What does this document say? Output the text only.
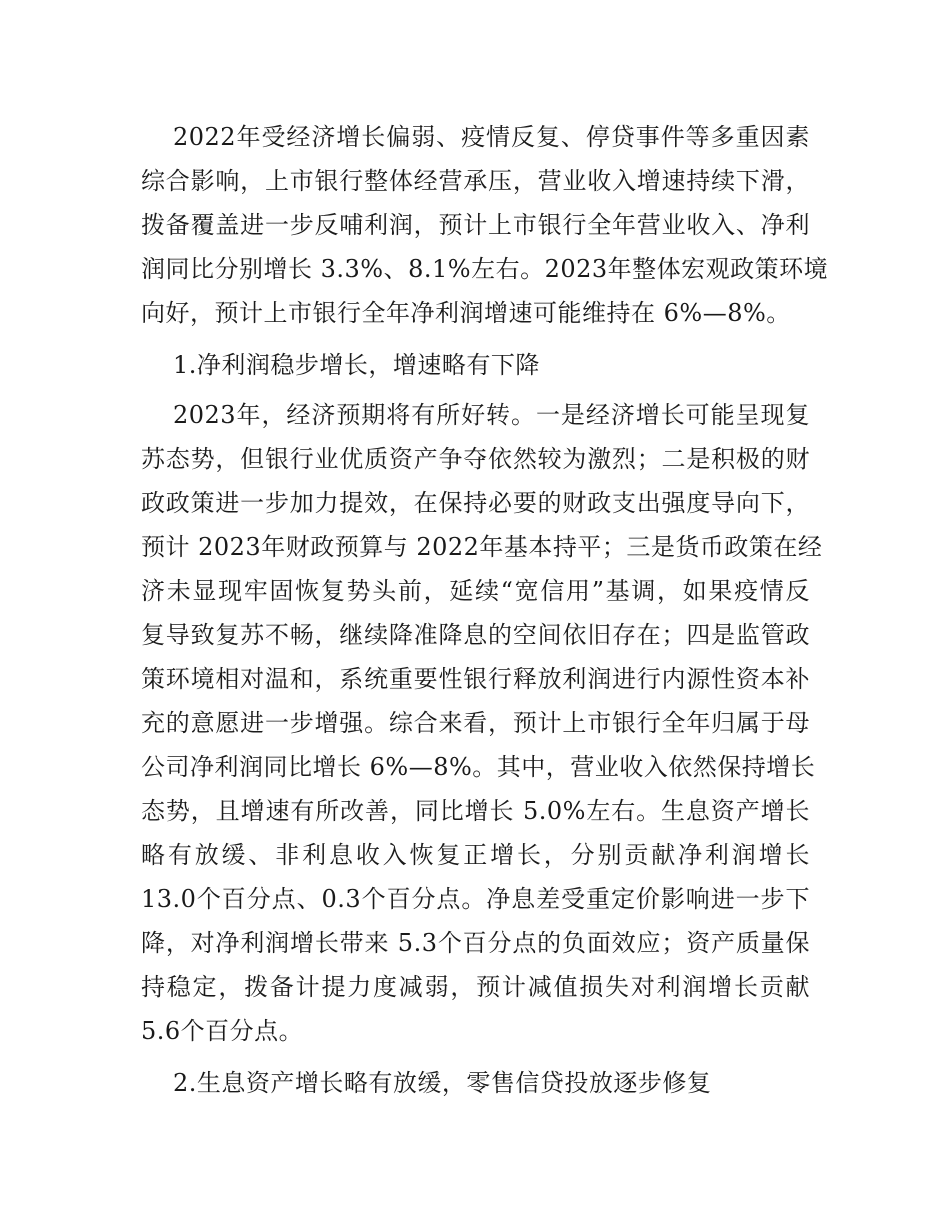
2022年受经济增长偏弱、疫情反复、停贷事件等多重因素
综合影响，上市银行整体经营承压，营业收入增速持续下滑，
拨备覆盖进一步反哺利润，预计上市银行全年营业收入、净利
润同比分别增长 3.3%、8.1%左右。2023年整体宏观政策环境
向好，预计上市银行全年净利润增速可能维持在 6%—8%。
1.净利润稳步增长，增速略有下降
2023年，经济预期将有所好转。一是经济增长可能呈现复
苏态势，但银行业优质资产争夺依然较为激烈；二是积极的财
政政策进一步加力提效，在保持必要的财政支出强度导向下，
预计 2023年财政预算与 2022年基本持平；三是货币政策在经
济未显现牢固恢复势头前，延续“宽信用”基调，如果疫情反
复导致复苏不畅，继续降准降息的空间依旧存在；四是监管政
策环境相对温和，系统重要性银行释放利润进行内源性资本补
充的意愿进一步增强。综合来看，预计上市银行全年归属于母
公司净利润同比增长 6%—8%。其中，营业收入依然保持增长
态势，且增速有所改善，同比增长 5.0%左右。生息资产增长
略有放缓、非利息收入恢复正增长，分别贡献净利润增长
13.0个百分点、0.3个百分点。净息差受重定价影响进一步下
降，对净利润增长带来 5.3个百分点的负面效应；资产质量保
持稳定，拨备计提力度减弱，预计减值损失对利润增长贡献
5.6个百分点。
2.生息资产增长略有放缓，零售信贷投放逐步修复
